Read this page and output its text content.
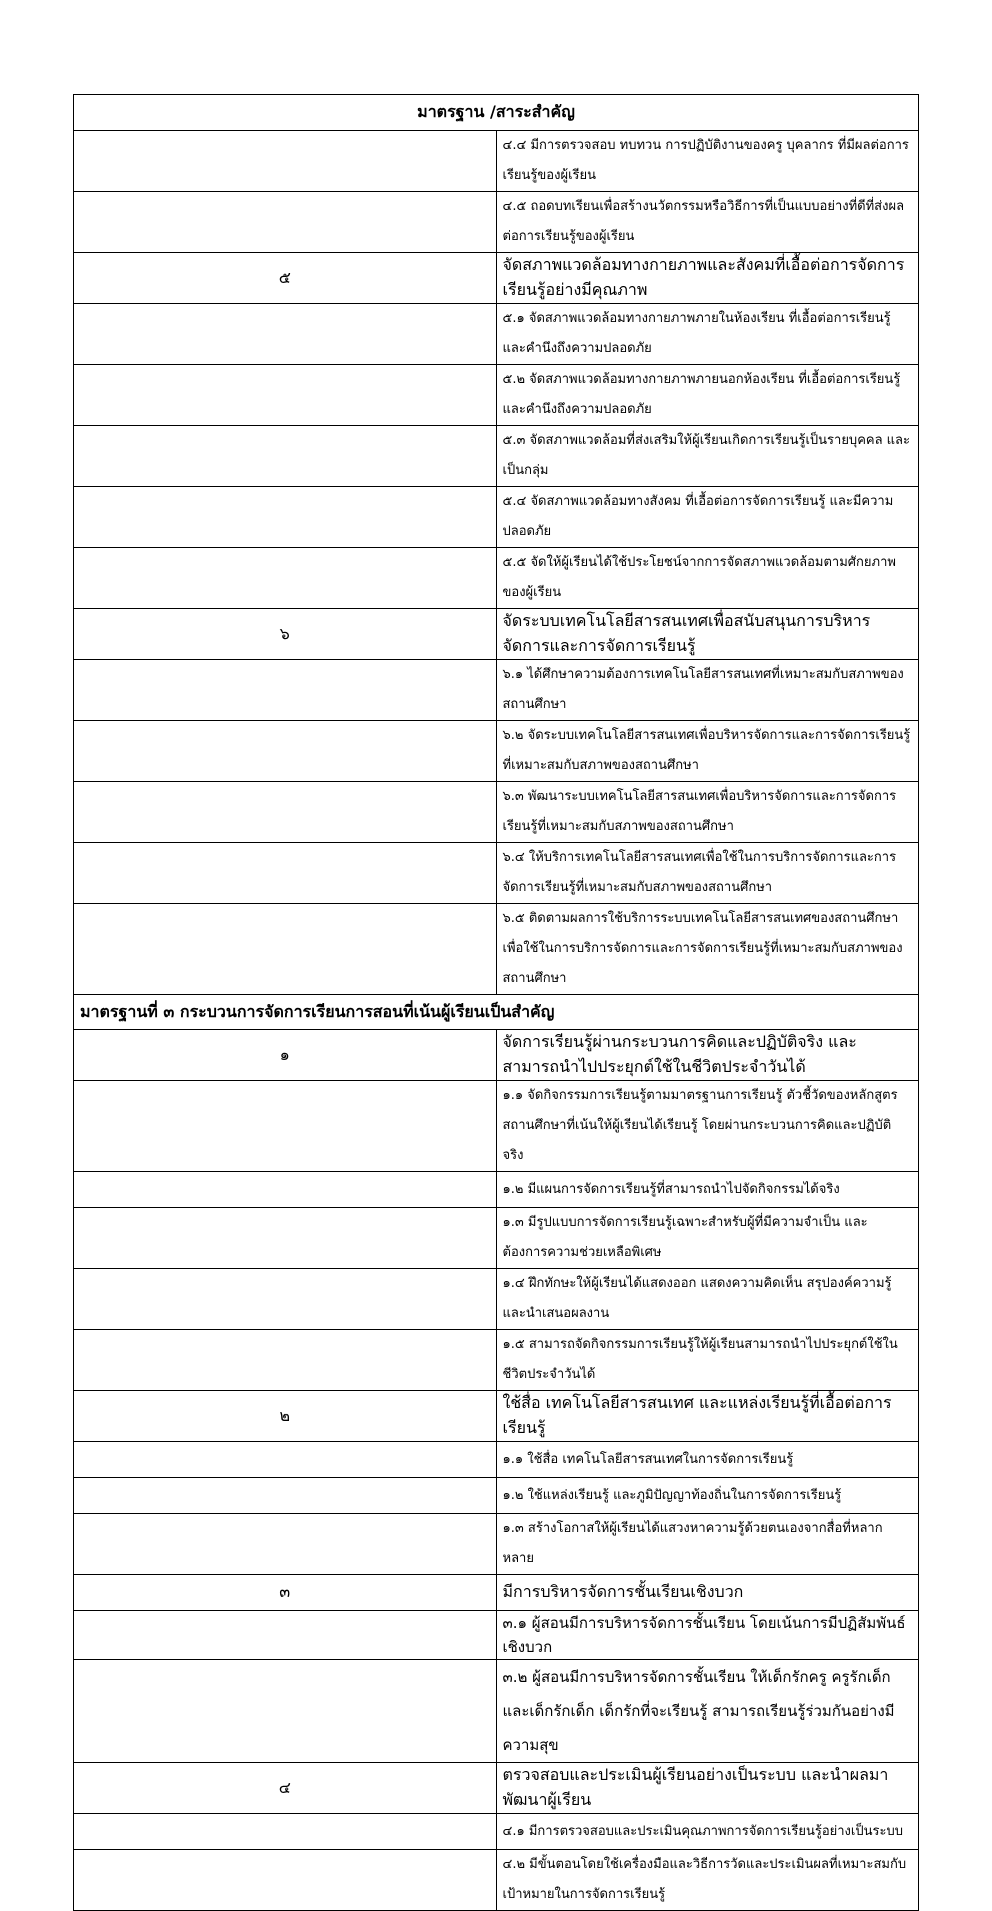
มาตรฐาน /สาระสำคัญ	
	๔.๔ มีการตรวจสอบ ทบทวน การปฏิบัติงานของครู บุคลากร ที่มีผลต่อการเรียนรู้ของผู้เรียน
	๔.๕ ถอดบทเรียนเพื่อสร้างนวัตกรรมหรือวิธีการที่เป็นแบบอย่างที่ดีที่ส่งผลต่อการเรียนรู้ของผู้เรียน
๕	จัดสภาพแวดล้อมทางกายภาพและสังคมที่เอื้อต่อการจัดการเรียนรู้อย่างมีคุณภาพ
	๕.๑ จัดสภาพแวดล้อมทางกายภาพภายในห้องเรียน ที่เอื้อต่อการเรียนรู้ และคำนึงถึงความปลอดภัย
	๕.๒ จัดสภาพแวดล้อมทางกายภาพภายนอกห้องเรียน ที่เอื้อต่อการเรียนรู้ และคำนึงถึงความปลอดภัย
	๕.๓ จัดสภาพแวดล้อมที่ส่งเสริมให้ผู้เรียนเกิดการเรียนรู้เป็นรายบุคคล และเป็นกลุ่ม
	๕.๔ จัดสภาพแวดล้อมทางสังคม ที่เอื้อต่อการจัดการเรียนรู้ และมีความปลอดภัย
	๕.๕ จัดให้ผู้เรียนได้ใช้ประโยชน์จากการจัดสภาพแวดล้อมตามศักยภาพของผู้เรียน
๖	จัดระบบเทคโนโลยีสารสนเทศเพื่อสนับสนุนการบริหารจัดการและการจัดการเรียนรู้
	๖.๑ ได้ศึกษาความต้องการเทคโนโลยีสารสนเทศที่เหมาะสมกับสภาพของสถานศึกษา
	๖.๒ จัดระบบเทคโนโลยีสารสนเทศเพื่อบริหารจัดการและการจัดการเรียนรู้ที่เหมาะสมกับสภาพของสถานศึกษา
	๖.๓ พัฒนาระบบเทคโนโลยีสารสนเทศเพื่อบริหารจัดการและการจัดการเรียนรู้ที่เหมาะสมกับสภาพของสถานศึกษา
	๖.๔ ให้บริการเทคโนโลยีสารสนเทศเพื่อใช้ในการบริการจัดการและการจัดการเรียนรู้ที่เหมาะสมกับสภาพของสถานศึกษา
	๖.๕ ติดตามผลการใช้บริการระบบเทคโนโลยีสารสนเทศของสถานศึกษาเพื่อใช้ในการบริการจัดการและการจัดการเรียนรู้ที่เหมาะสมกับสภาพของสถานศึกษา
มาตรฐานที่ ๓ กระบวนการจัดการเรียนการสอนที่เน้นผู้เรียนเป็นสำคัญ	
๑	จัดการเรียนรู้ผ่านกระบวนการคิดและปฏิบัติจริง และสามารถนำไปประยุกต์ใช้ในชีวิตประจำวันได้
	๑.๑ จัดกิจกรรมการเรียนรู้ตามมาตรฐานการเรียนรู้ ตัวชี้วัดของหลักสูตรสถานศึกษาที่เน้นให้ผู้เรียนได้เรียนรู้ โดยผ่านกระบวนการคิดและปฏิบัติจริง
	๑.๒ มีแผนการจัดการเรียนรู้ที่สามารถนำไปจัดกิจกรรมได้จริง
	๑.๓ มีรูปแบบการจัดการเรียนรู้เฉพาะสำหรับผู้ที่มีความจำเป็น และต้องการความช่วยเหลือพิเศษ
	๑.๔ ฝึกทักษะให้ผู้เรียนได้แสดงออก แสดงความคิดเห็น สรุปองค์ความรู้ และนำเสนอผลงาน
	๑.๕ สามารถจัดกิจกรรมการเรียนรู้ให้ผู้เรียนสามารถนำไปประยุกต์ใช้ในชีวิตประจำวันได้
๒	ใช้สื่อ เทคโนโลยีสารสนเทศ และแหล่งเรียนรู้ที่เอื้อต่อการเรียนรู้
	๑.๑ ใช้สื่อ เทคโนโลยีสารสนเทศในการจัดการเรียนรู้
	๑.๒ ใช้แหล่งเรียนรู้ และภูมิปัญญาท้องถิ่นในการจัดการเรียนรู้
	๑.๓ สร้างโอกาสให้ผู้เรียนได้แสวงหาความรู้ด้วยตนเองจากสื่อที่หลากหลาย
๓	มีการบริหารจัดการชั้นเรียนเชิงบวก
	๓.๑ ผู้สอนมีการบริหารจัดการชั้นเรียน โดยเน้นการมีปฏิสัมพันธ์เชิงบวก
	๓.๒ ผู้สอนมีการบริหารจัดการชั้นเรียน ให้เด็กรักครู ครูรักเด็ก และเด็กรักเด็ก เด็กรักที่จะเรียนรู้ สามารถเรียนรู้ร่วมกันอย่างมีความสุข
๔	ตรวจสอบและประเมินผู้เรียนอย่างเป็นระบบ และนำผลมาพัฒนาผู้เรียน
	๔.๑ มีการตรวจสอบและประเมินคุณภาพการจัดการเรียนรู้อย่างเป็นระบบ
	๔.๒ มีขั้นตอนโดยใช้เครื่องมือและวิธีการวัดและประเมินผลที่เหมาะสมกับเป้าหมายในการจัดการเรียนรู้
